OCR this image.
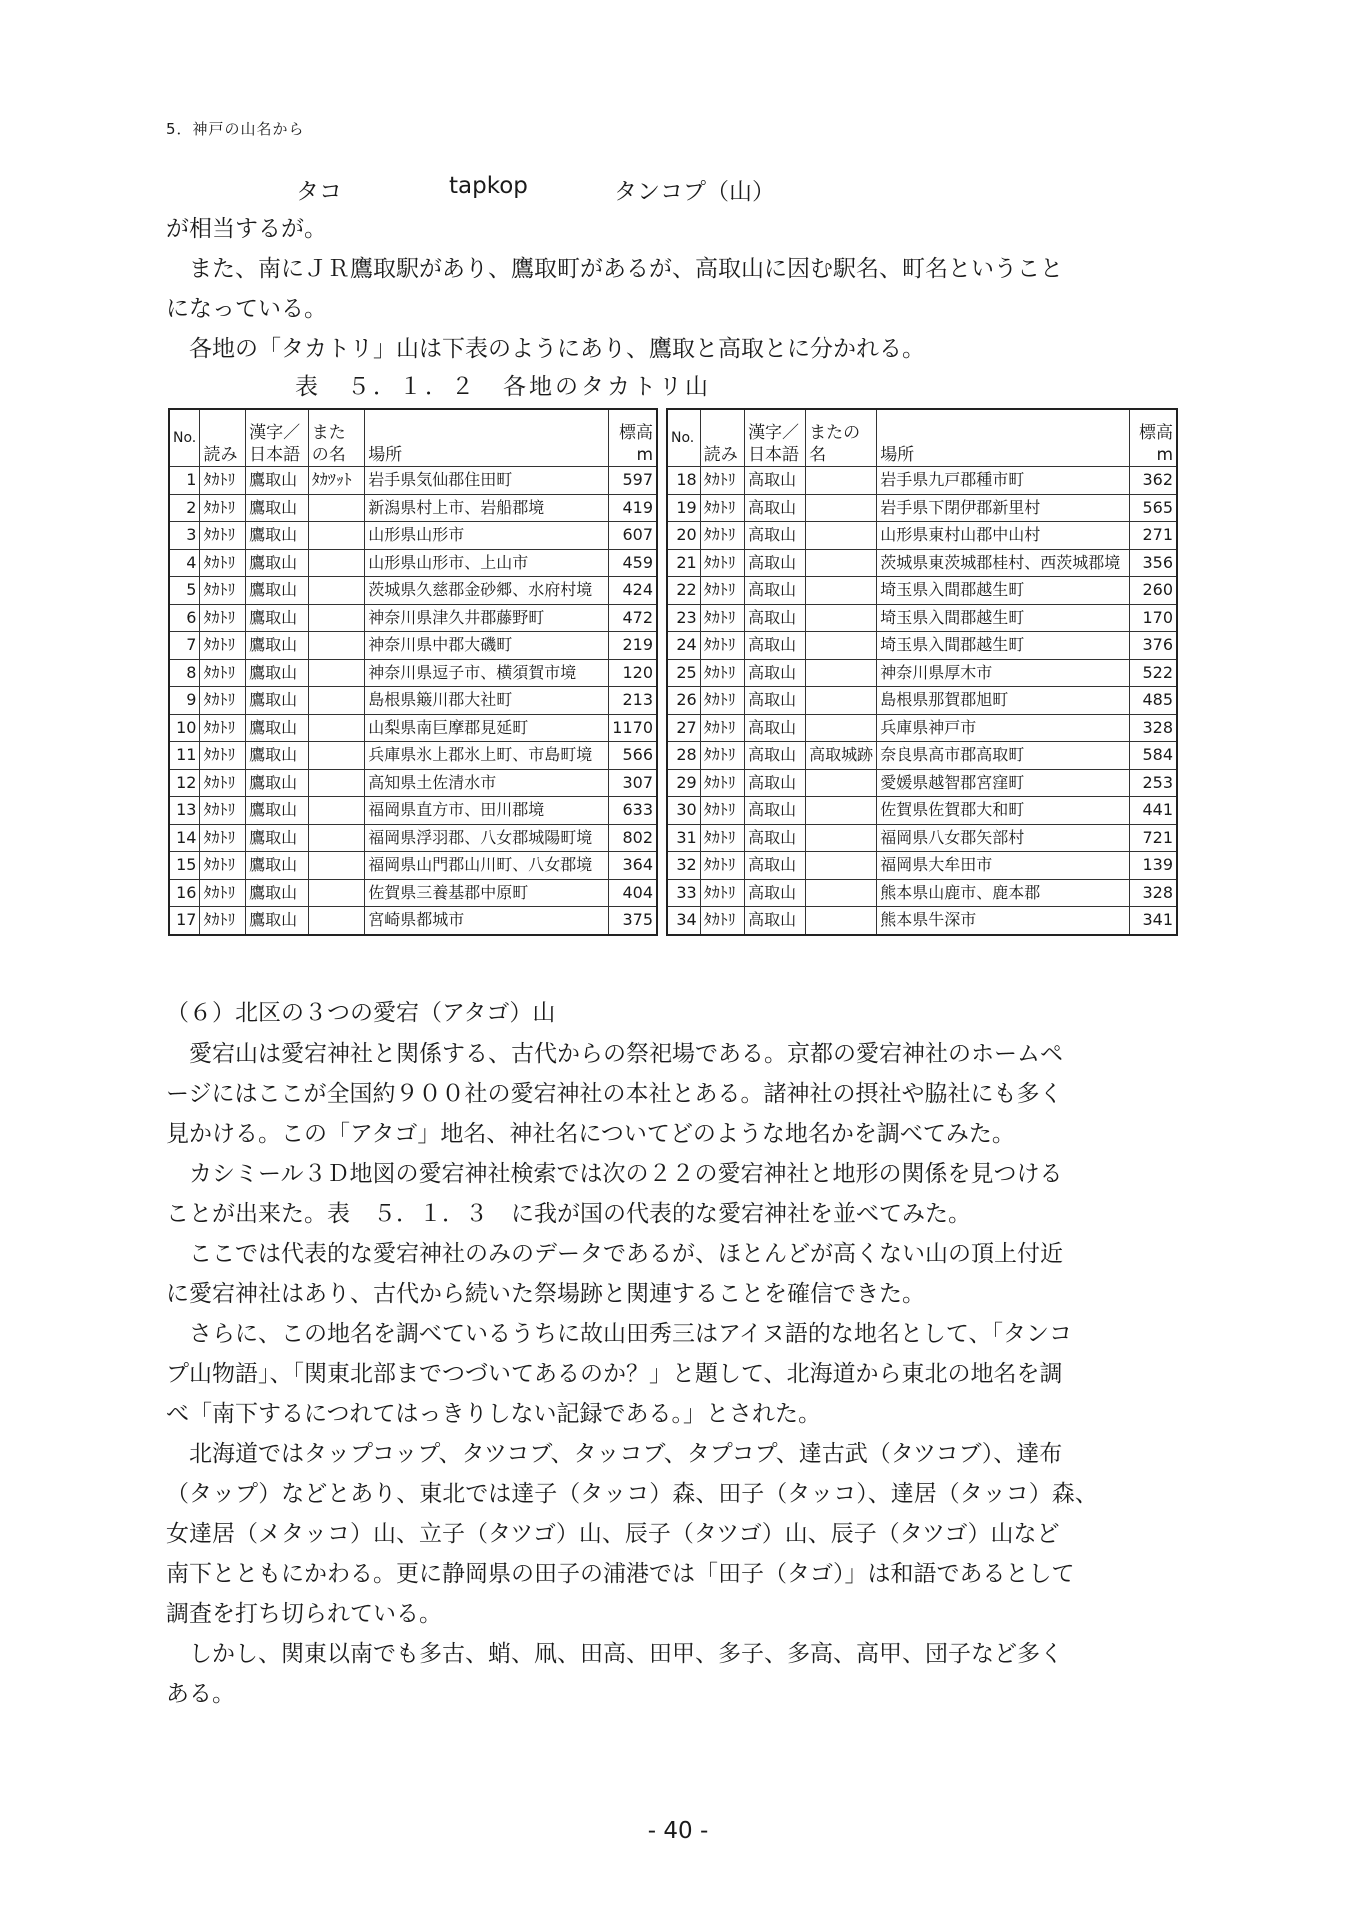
5．神戸の山名から
タコ	tapkop	タンコプ（山）
が相当するが。
　また、南にＪＲ鷹取駅があり、鷹取町があるが、高取山に因む駅名、町名ということ
になっている。
　各地の「タカトリ」山は下表のようにあり、鷹取と高取とに分かれる。
表　５．１．２　各地のタカトリ山
No.	読み	漢字／日本語	またの名	場所	標高m
1	ﾀｶﾄﾘ	鷹取山	ﾀｶﾂｯﾄ	岩手県気仙郡住田町	597
2	ﾀｶﾄﾘ	鷹取山		新潟県村上市、岩船郡境	419
3	ﾀｶﾄﾘ	鷹取山		山形県山形市	607
4	ﾀｶﾄﾘ	鷹取山		山形県山形市、上山市	459
5	ﾀｶﾄﾘ	鷹取山		茨城県久慈郡金砂郷、水府村境	424
6	ﾀｶﾄﾘ	鷹取山		神奈川県津久井郡藤野町	472
7	ﾀｶﾄﾘ	鷹取山		神奈川県中郡大磯町	219
8	ﾀｶﾄﾘ	鷹取山		神奈川県逗子市、横須賀市境	120
9	ﾀｶﾄﾘ	鷹取山		島根県簸川郡大社町	213
10	ﾀｶﾄﾘ	鷹取山		山梨県南巨摩郡見延町	1170
11	ﾀｶﾄﾘ	鷹取山		兵庫県氷上郡氷上町、市島町境	566
12	ﾀｶﾄﾘ	鷹取山		高知県土佐清水市	307
13	ﾀｶﾄﾘ	鷹取山		福岡県直方市、田川郡境	633
14	ﾀｶﾄﾘ	鷹取山		福岡県浮羽郡、八女郡城陽町境	802
15	ﾀｶﾄﾘ	鷹取山		福岡県山門郡山川町、八女郡境	364
16	ﾀｶﾄﾘ	鷹取山		佐賀県三養基郡中原町	404
17	ﾀｶﾄﾘ	鷹取山		宮崎県都城市	375
No.	読み	漢字／日本語	またの名	場所	標高m
18	ﾀｶﾄﾘ	高取山		岩手県九戸郡種市町	362
19	ﾀｶﾄﾘ	高取山		岩手県下閉伊郡新里村	565
20	ﾀｶﾄﾘ	高取山		山形県東村山郡中山村	271
21	ﾀｶﾄﾘ	高取山		茨城県東茨城郡桂村、西茨城郡境	356
22	ﾀｶﾄﾘ	高取山		埼玉県入間郡越生町	260
23	ﾀｶﾄﾘ	高取山		埼玉県入間郡越生町	170
24	ﾀｶﾄﾘ	高取山		埼玉県入間郡越生町	376
25	ﾀｶﾄﾘ	高取山		神奈川県厚木市	522
26	ﾀｶﾄﾘ	高取山		島根県那賀郡旭町	485
27	ﾀｶﾄﾘ	高取山		兵庫県神戸市	328
28	ﾀｶﾄﾘ	高取山	高取城跡	奈良県高市郡高取町	584
29	ﾀｶﾄﾘ	高取山		愛媛県越智郡宮窪町	253
30	ﾀｶﾄﾘ	高取山		佐賀県佐賀郡大和町	441
31	ﾀｶﾄﾘ	高取山		福岡県八女郡矢部村	721
32	ﾀｶﾄﾘ	高取山		福岡県大牟田市	139
33	ﾀｶﾄﾘ	高取山		熊本県山鹿市、鹿本郡	328
34	ﾀｶﾄﾘ	高取山		熊本県牛深市	341
（６）北区の３つの愛宕（アタゴ）山
　愛宕山は愛宕神社と関係する、古代からの祭祀場である。京都の愛宕神社のホームペ
ージにはここが全国約９００社の愛宕神社の本社とある。諸神社の摂社や脇社にも多く
見かける。この「アタゴ」地名、神社名についてどのような地名かを調べてみた。
　カシミール３Ｄ地図の愛宕神社検索では次の２２の愛宕神社と地形の関係を見つける
ことが出来た。表　５．１．３　に我が国の代表的な愛宕神社を並べてみた。
　ここでは代表的な愛宕神社のみのデータであるが、ほとんどが高くない山の頂上付近
に愛宕神社はあり、古代から続いた祭場跡と関連することを確信できた。
　さらに、この地名を調べているうちに故山田秀三はアイヌ語的な地名として、「タンコ
プ山物語」、「関東北部までつづいてあるのか？」と題して、北海道から東北の地名を調
べ「南下するにつれてはっきりしない記録である。」とされた。
　北海道ではタップコップ、タツコブ、タッコブ、タプコプ、達古武（タツコブ）、達布
（タップ）などとあり、東北では達子（タッコ）森、田子（タッコ）、達居（タッコ）森、
女達居（メタッコ）山、立子（タツゴ）山、辰子（タツゴ）山、辰子（タツゴ）山など
南下とともにかわる。更に静岡県の田子の浦港では「田子（タゴ）」は和語であるとして
調査を打ち切られている。
　しかし、関東以南でも多古、蛸、凧、田高、田甲、多子、多高、高甲、団子など多く
ある。
- 40 -
